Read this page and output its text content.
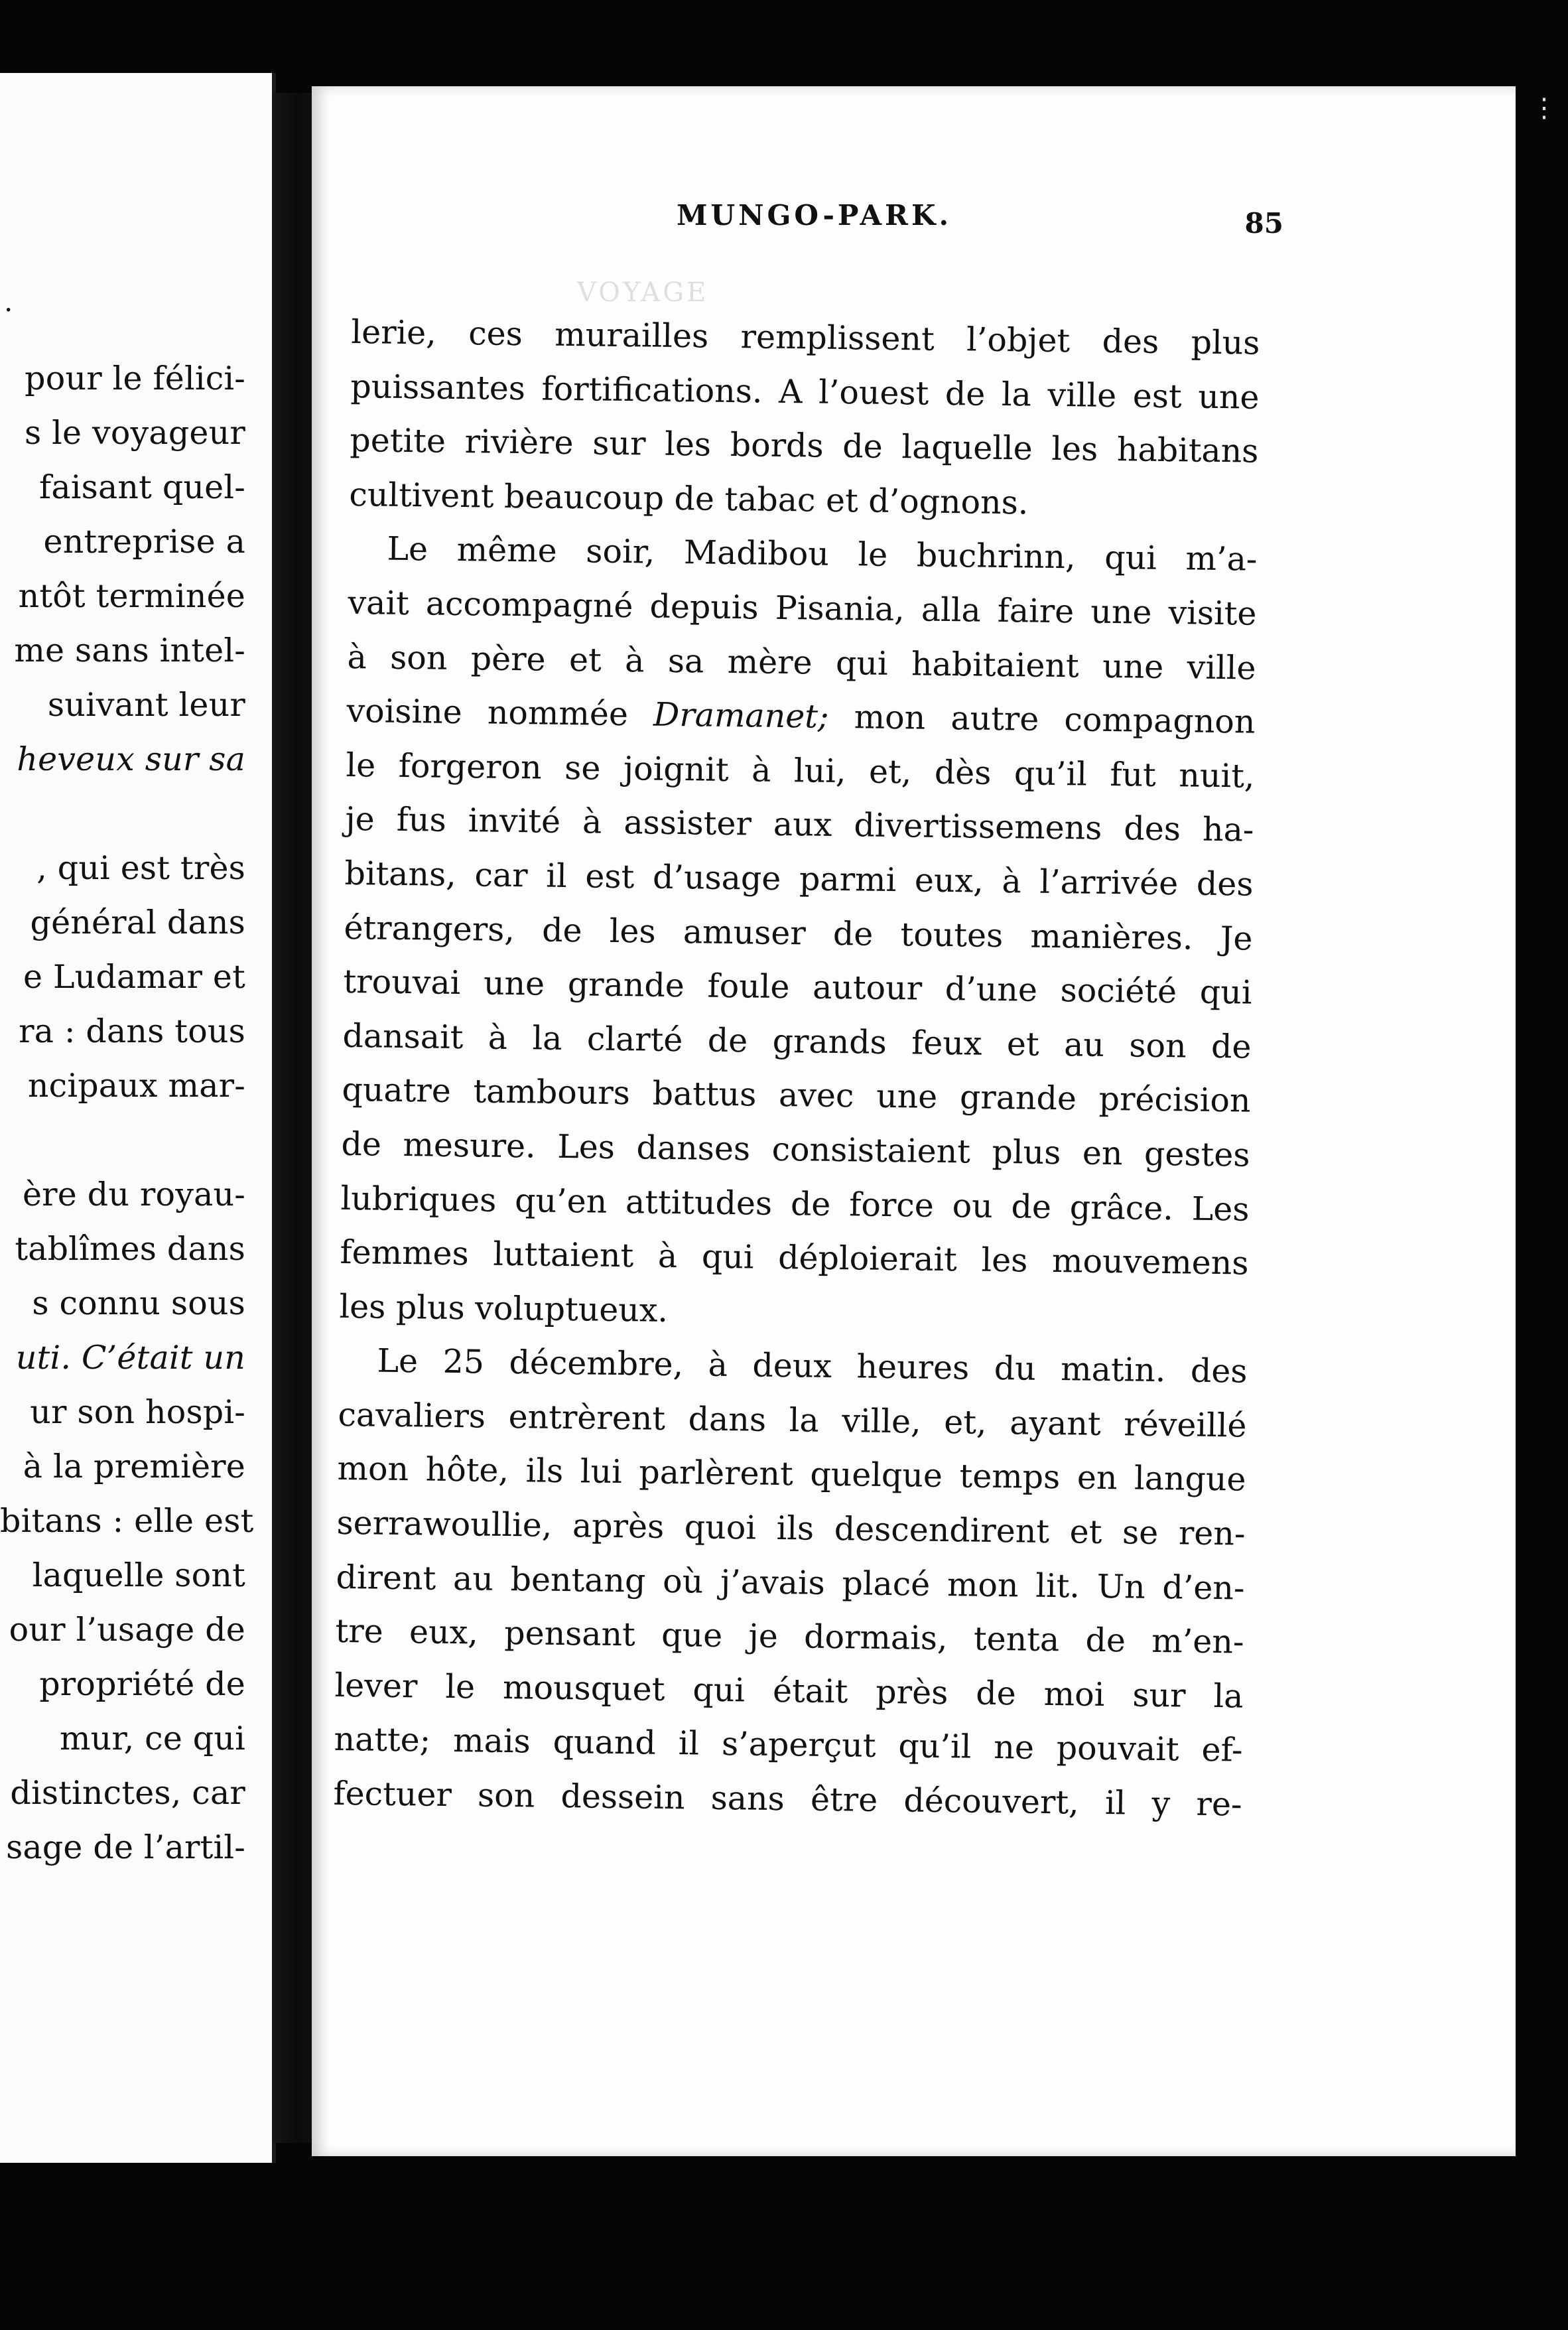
.
pour le félici-
s le voyageur
faisant quel-
entreprise a
ntôt terminée
me sans intel-
suivant leur
heveux sur sa
, qui est très
général dans
e Ludamar et
ra : dans tous
ncipaux mar-
ère du royau-
tablîmes dans
s connu sous
uti. C’était un
ur son hospi-
à la première
bitans : elle est
laquelle sont
our l’usage de
propriété de
mur, ce qui
distinctes, car
sage de l’artil-
VOYAGE
MUNGO-PARK.	85
lerie, ces murailles remplissent l’objet des plus
puissantes fortifications. A l’ouest de la ville est une
petite rivière sur les bords de laquelle les habitans
cultivent beaucoup de tabac et d’ognons.
Le même soir, Madibou le buchrinn, qui m’a-
vait accompagné depuis Pisania, alla faire une visite
à son père et à sa mère qui habitaient une ville
voisine nommée Dramanet; mon autre compagnon
le forgeron se joignit à lui, et, dès qu’il fut nuit,
je fus invité à assister aux divertissemens des ha-
bitans, car il est d’usage parmi eux, à l’arrivée des
étrangers, de les amuser de toutes manières. Je
trouvai une grande foule autour d’une société qui
dansait à la clarté de grands feux et au son de
quatre tambours battus avec une grande précision
de mesure. Les danses consistaient plus en gestes
lubriques qu’en attitudes de force ou de grâce. Les
femmes luttaient à qui déploierait les mouvemens
les plus voluptueux.
Le 25 décembre, à deux heures du matin. des
cavaliers entrèrent dans la ville, et, ayant réveillé
mon hôte, ils lui parlèrent quelque temps en langue
serrawoullie, après quoi ils descendirent et se ren-
dirent au bentang où j’avais placé mon lit. Un d’en-
tre eux, pensant que je dormais, tenta de m’en-
lever le mousquet qui était près de moi sur la
natte; mais quand il s’aperçut qu’il ne pouvait ef-
fectuer son dessein sans être découvert, il y re-
⋮
